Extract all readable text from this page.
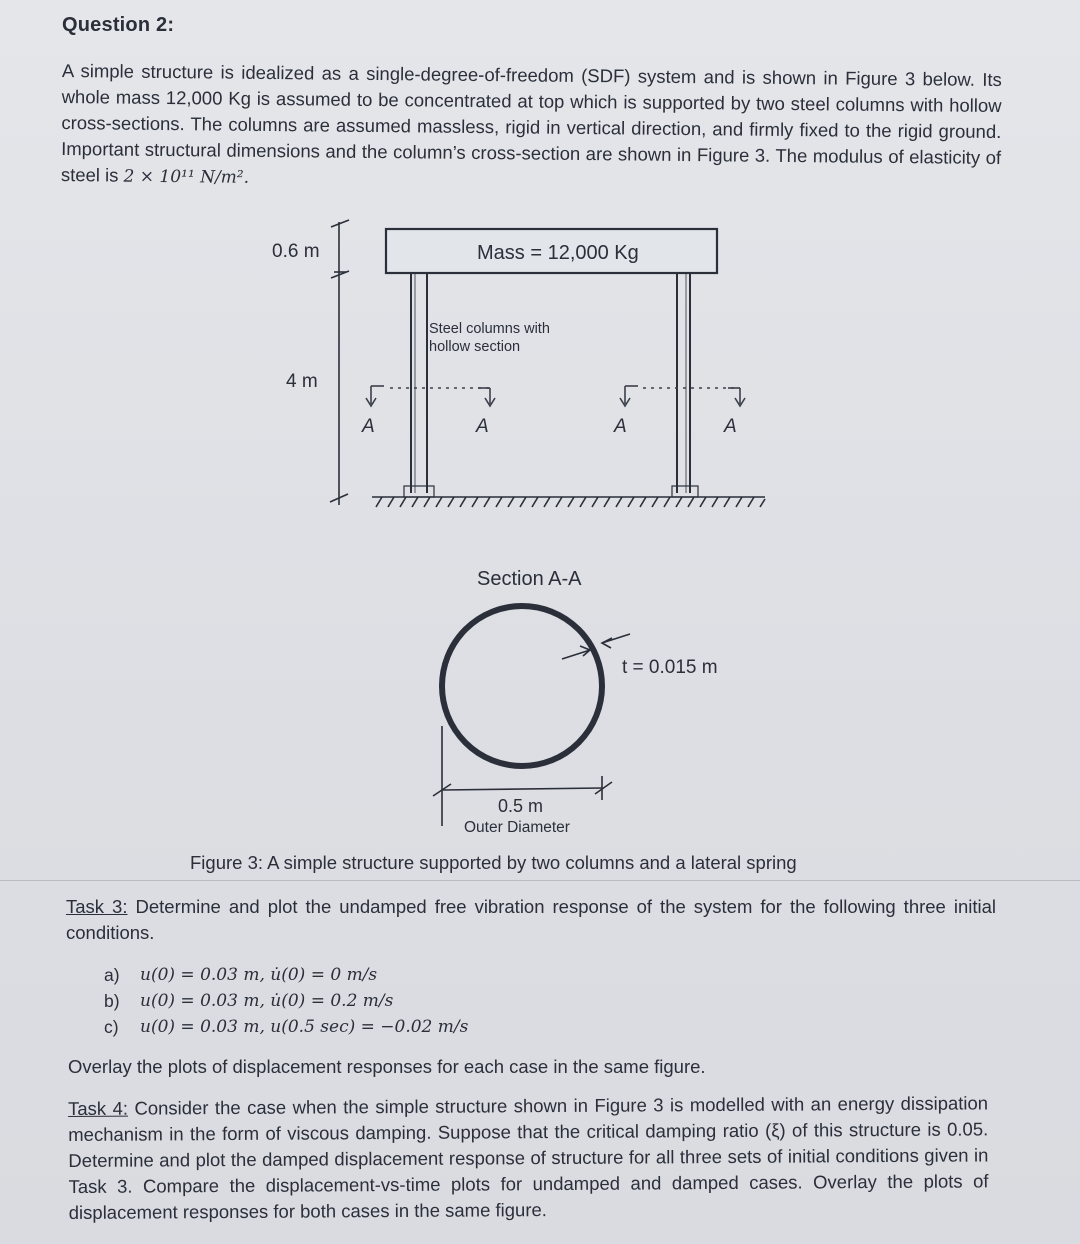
Question 2:
A simple structure is idealized as a single-degree-of-freedom (SDF) system and is shown in Figure 3 below. Its whole mass 12,000 Kg is assumed to be concentrated at top which is supported by two steel columns with hollow cross-sections. The columns are assumed massless, rigid in vertical direction, and firmly fixed to the rigid ground. Important structural dimensions and the column’s cross-section are shown in Figure 3. The modulus of elasticity of steel is 2 × 10¹¹ N/m².
0.6 m
4 m
Mass = 12,000 Kg
Steel columns with
hollow section
A	A	A	A
Section A-A
t = 0.015 m
0.5 m
Outer Diameter
Figure 3: A simple structure supported by two columns and a lateral spring
Task 3: Determine and plot the undamped free vibration response of the system for the following three initial conditions.
a)	u(0) = 0.03 m, u̇(0) = 0 m/s
b)	u(0) = 0.03 m, u̇(0) = 0.2 m/s
c)	u(0) = 0.03 m, u(0.5 sec) = −0.02 m/s
Overlay the plots of displacement responses for each case in the same figure.
Task 4: Consider the case when the simple structure shown in Figure 3 is modelled with an energy dissipation mechanism in the form of viscous damping. Suppose that the critical damping ratio (ξ) of this structure is 0.05. Determine and plot the damped displacement response of structure for all three sets of initial conditions given in Task 3. Compare the displacement-vs-time plots for undamped and damped cases. Overlay the plots of displacement responses for both cases in the same figure.
